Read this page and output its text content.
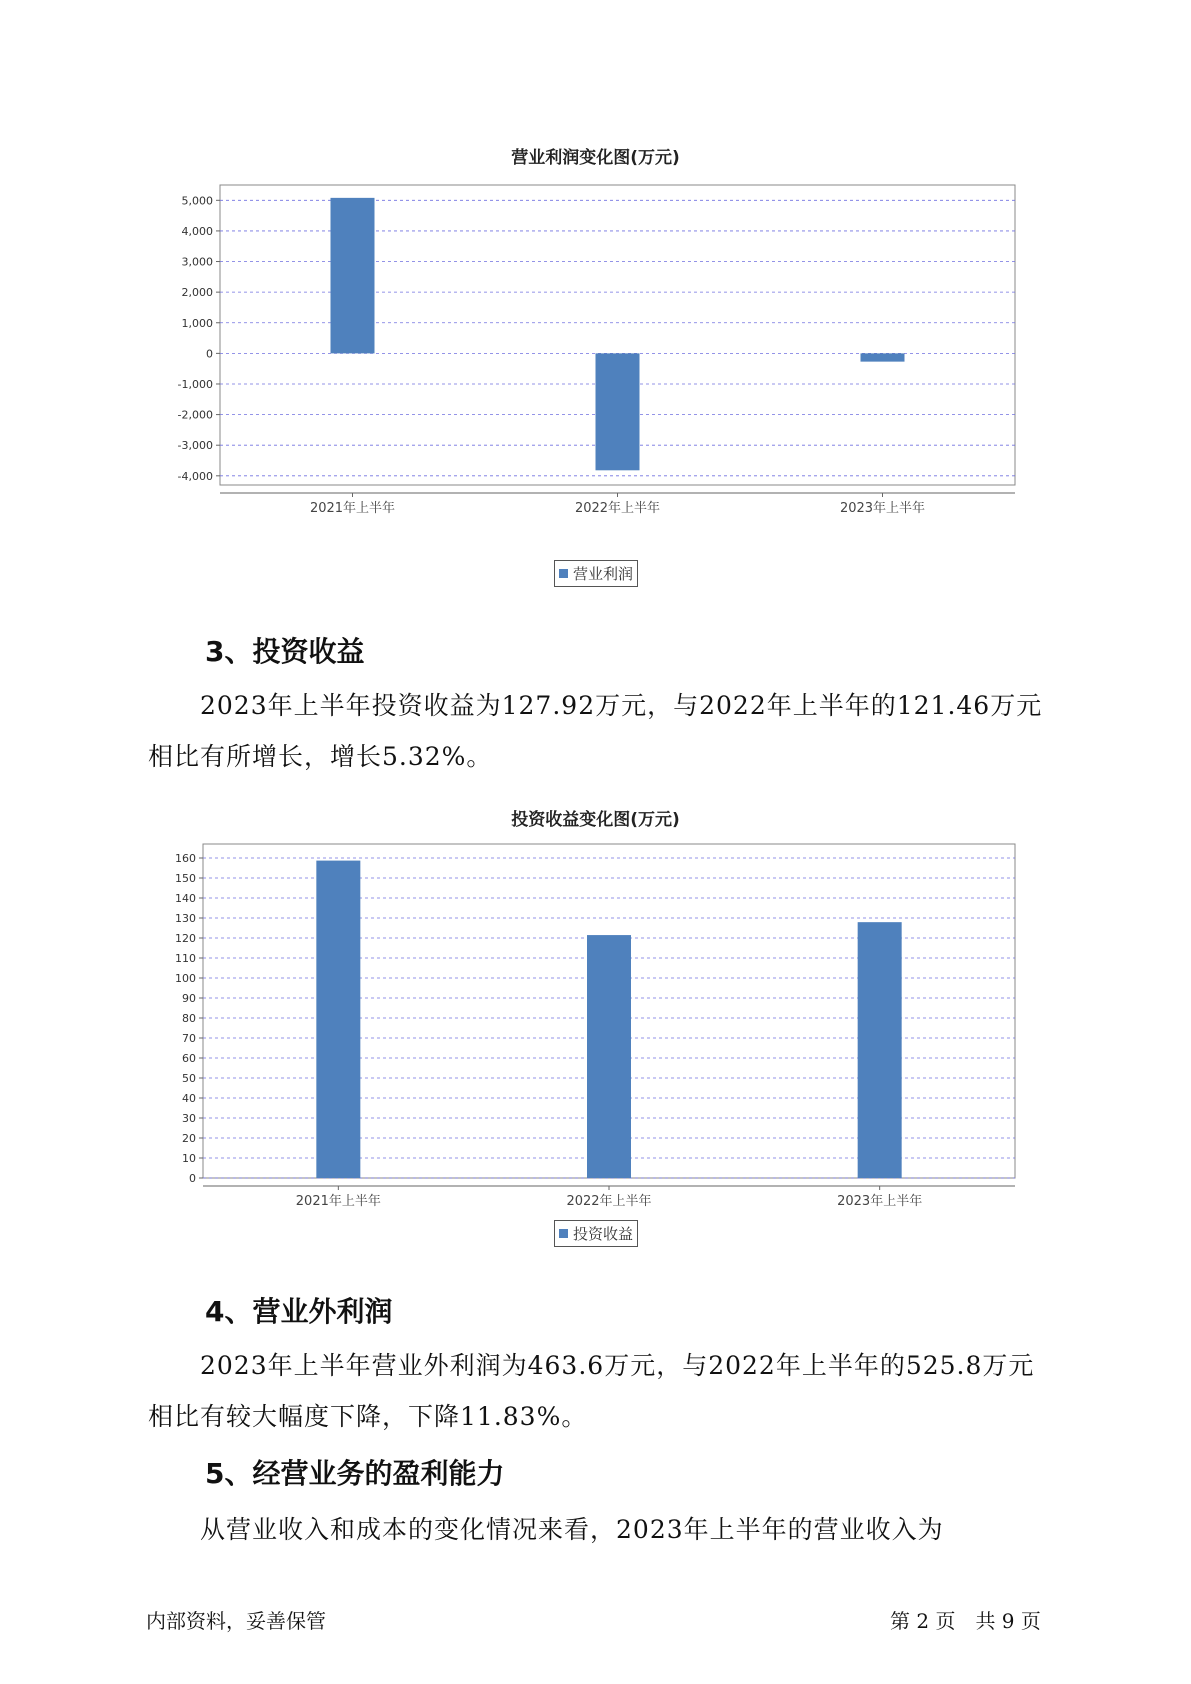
营业利润变化图(万元)
5,000
4,000
3,000
2,000
1,000
0
-1,000
-2,000
-3,000
-4,000
2021年上半年	2022年上半年	2023年上半年
营业利润
3、投资收益
2023年上半年投资收益为127.92万元，与2022年上半年的121.46万元
相比有所增长，增长5.32%。
投资收益变化图(万元)
160
150
140
130
120
110
100
90
80
70
60
50
40
30
20
10
0
2021年上半年	2022年上半年	2023年上半年
投资收益
4、营业外利润
2023年上半年营业外利润为463.6万元，与2022年上半年的525.8万元
相比有较大幅度下降，下降11.83%。
5、经营业务的盈利能力
从营业收入和成本的变化情况来看，2023年上半年的营业收入为
内部资料，妥善保管	第 2 页　共 9 页
